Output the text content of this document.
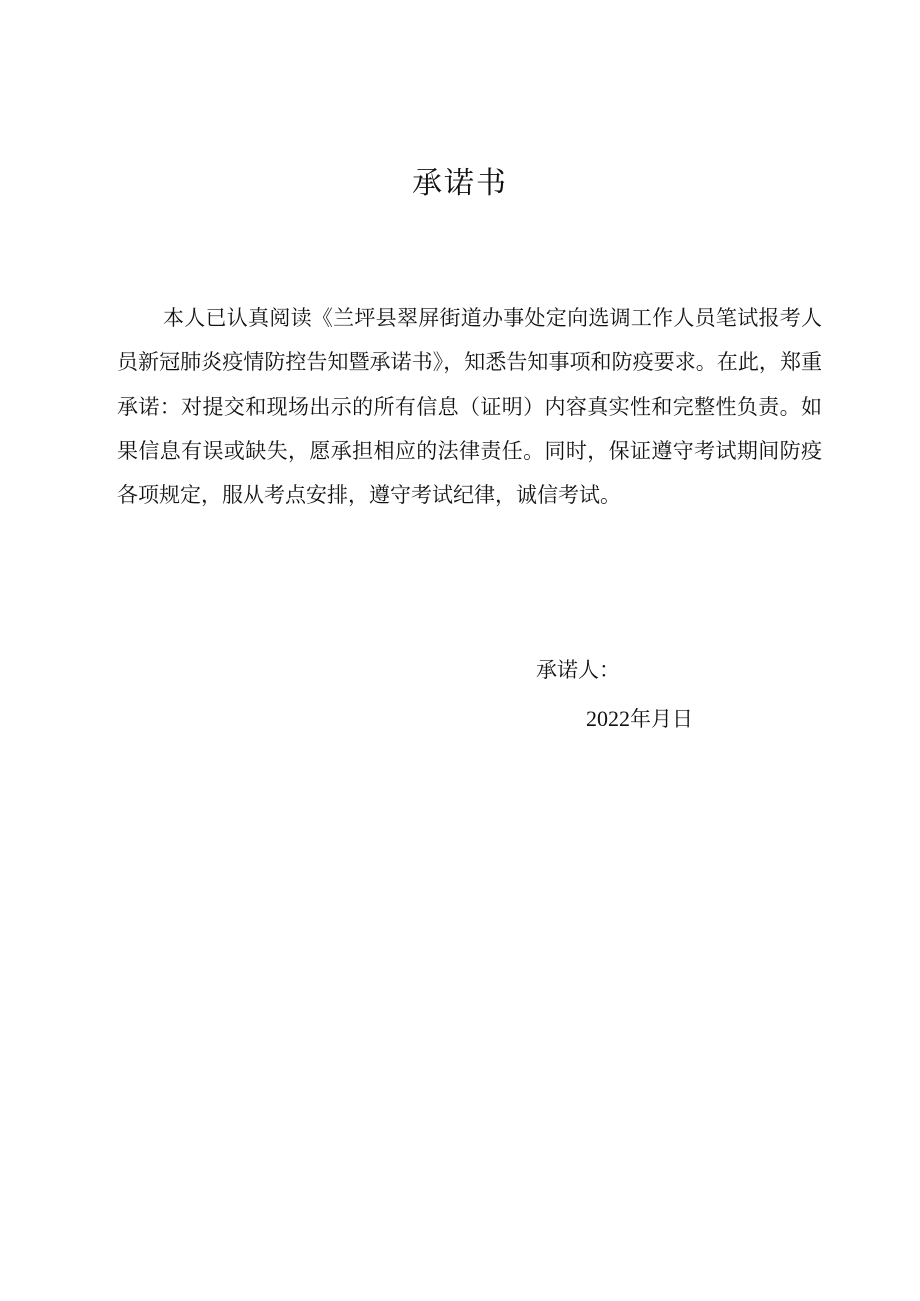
承诺书

本人已认真阅读《兰坪县翠屏街道办事处定向选调工作人员笔试报考人员新冠肺炎疫情防控告知暨承诺书》，知悉告知事项和防疫要求。在此，郑重承诺：对提交和现场出示的所有信息（证明）内容真实性和完整性负责。如果信息有误或缺失，愿承担相应的法律责任。同时，保证遵守考试期间防疫各项规定，服从考点安排，遵守考试纪律，诚信考试。

承诺人：
2022年月日
